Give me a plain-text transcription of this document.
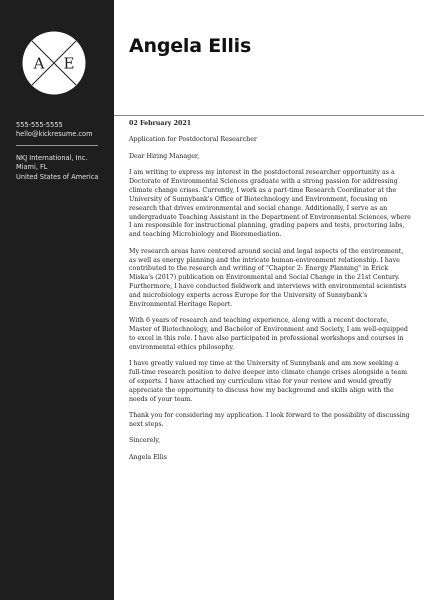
A E
555-555-5555
hello@kickresume.com
NKJ International, Inc.
Miami, FL
United States of America
Angela Ellis

02 February 2021

Application for Postdoctoral Researcher

Dear Hiring Manager,

I am writing to express my interest in the postdoctoral researcher opportunity as a Doctorate of Environmental Sciences graduate with a strong passion for addressing climate change crises. Currently, I work as a part-time Research Coordinator at the University of Sunnybank's Office of Biotechnology and Environment, focusing on research that drives environmental and social change. Additionally, I serve as an undergraduate Teaching Assistant in the Department of Environmental Sciences, where I am responsible for instructional planning, grading papers and tests, proctoring labs, and teaching Microbiology and Bioremediation.

My research areas have centered around social and legal aspects of the environment, as well as energy planning and the intricate human-environment relationship. I have contributed to the research and writing of "Chapter 2: Energy Planning" in Erick Miska's (2017) publication on Environmental and Social Change in the 21st Century. Furthermore, I have conducted fieldwork and interviews with environmental scientists and microbiology experts across Europe for the University of Sunnybank's Environmental Heritage Report.

With 6 years of research and teaching experience, along with a recent doctorate, Master of Biotechnology, and Bachelor of Environment and Society, I am well-equipped to excel in this role. I have also participated in professional workshops and courses in environmental ethics philosophy.

I have greatly valued my time at the University of Sunnybank and am now seeking a full-time research position to delve deeper into climate change crises alongside a team of experts. I have attached my curriculum vitae for your review and would greatly appreciate the opportunity to discuss how my background and skills align with the needs of your team.

Thank you for considering my application. I look forward to the possibility of discussing next steps.

Sincerely,

Angela Ellis
